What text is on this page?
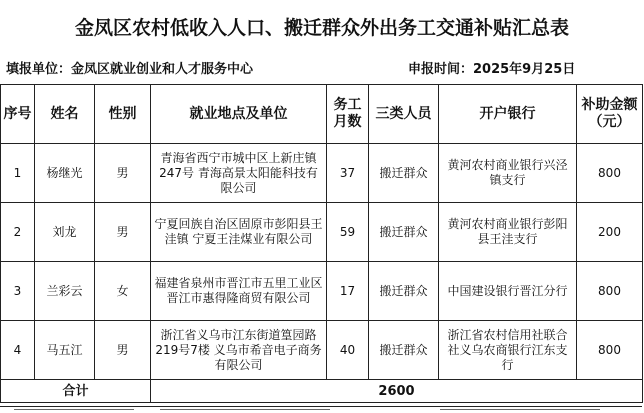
金凤区农村低收入人口、搬迁群众外出务工交通补贴汇总表
填报单位：金凤区就业创业和人才服务中心	申报时间：2025年9月25日
序号	姓名	性别	就业地点及单位	务工月数	三类人员	开户银行	补助金额（元）
1	杨继光	男	青海省西宁市城中区上新庄镇247号 青海高景太阳能科技有限公司	37	搬迁群众	黄河农村商业银行兴泾镇支行	800
2	刘龙	男	宁夏回族自治区固原市彭阳县王洼镇 宁夏王洼煤业有限公司	59	搬迁群众	黄河农村商业银行彭阳县王洼支行	200
3	兰彩云	女	福建省泉州市晋江市五里工业区 晋江市惠得隆商贸有限公司	17	搬迁群众	中国建设银行晋江分行	800
4	马五江	男	浙江省义乌市江东街道篁园路219号7楼 义乌市希音电子商务有限公司	40	搬迁群众	浙江省农村信用社联合社义乌农商银行江东支行	800
合计			2600				
